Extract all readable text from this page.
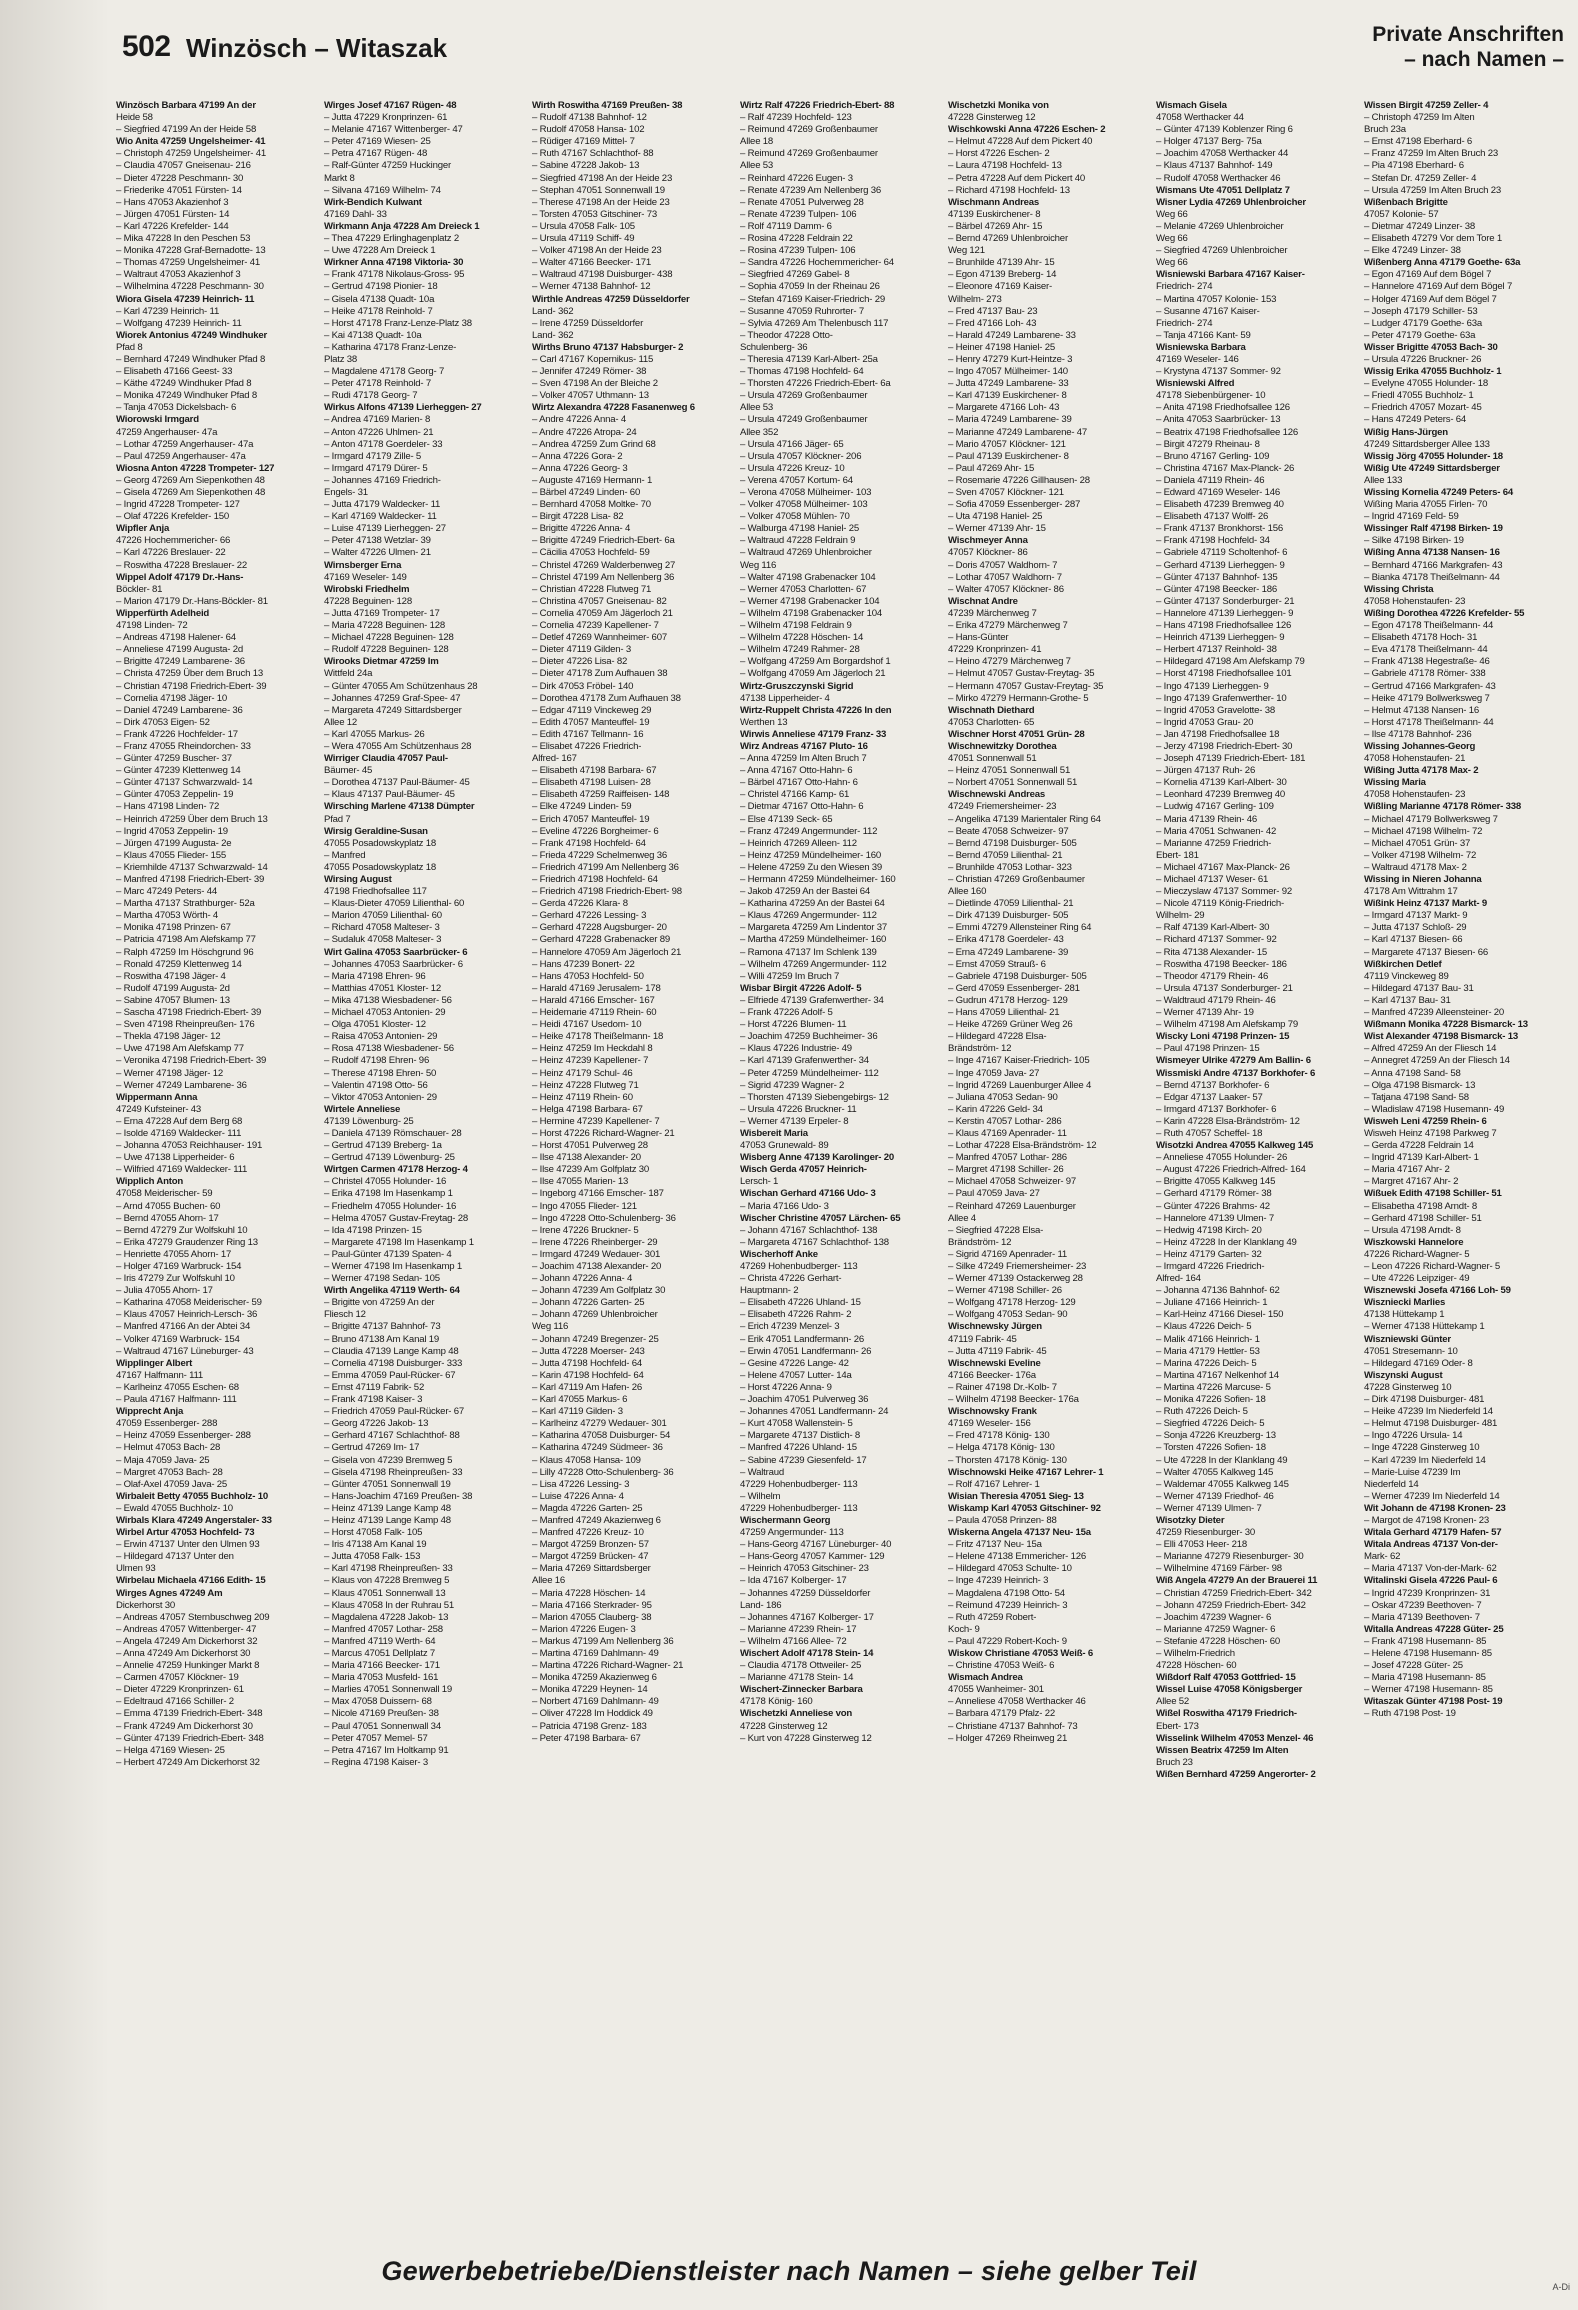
502 Winzösch – Witaszak	Private Anschriften
– nach Namen –
Winzösch Barbara 47199 An der
Heide 58
– Siegfried 47199 An der Heide 58
Wio Anita 47259 Ungelsheimer- 41
– Christoph 47259 Ungelsheimer- 41
– Claudia 47057 Gneisenau- 216
– Dieter 47228 Peschmann- 30
– Friederike 47051 Fürsten- 14
– Hans 47053 Akazienhof 3
– Jürgen 47051 Fürsten- 14
– Karl 47226 Krefelder- 144
– Mika 47228 In den Peschen 53
– Monika 47228 Graf-Bernadotte- 13
– Thomas 47259 Ungelsheimer- 41
– Waltraut 47053 Akazienhof 3
– Wilhelmina 47228 Peschmann- 30
Wiora Gisela 47239 Heinrich- 11
– Karl 47239 Heinrich- 11
– Wolfgang 47239 Heinrich- 11
Wiorek Antonius 47249 Windhuker
Pfad 8
– Bernhard 47249 Windhuker Pfad 8
– Elisabeth 47166 Geest- 33
– Käthe 47249 Windhuker Pfad 8
– Monika 47249 Windhuker Pfad 8
– Tanja 47053 Dickelsbach- 6
Wiorowski Irmgard
47259 Angerhauser- 47a
– Lothar 47259 Angerhauser- 47a
– Paul 47259 Angerhauser- 47a
Wiosna Anton 47228 Trompeter- 127
– Georg 47269 Am Siepenkothen 48
– Gisela 47269 Am Siepenkothen 48
– Ingrid 47228 Trompeter- 127
– Olaf 47226 Krefelder- 150
Wipfler Anja
47226 Hochemmericher- 66
– Karl 47226 Breslauer- 22
– Roswitha 47228 Breslauer- 22
Wippel Adolf 47179 Dr.-Hans-
Böckler- 81
– Marion 47179 Dr.-Hans-Böckler- 81
Wipperfürth Adelheid
47198 Linden- 72
– Andreas 47198 Halener- 64
– Anneliese 47199 Augusta- 2d
– Brigitte 47249 Lambarene- 36
– Christa 47259 Über dem Bruch 13
– Christian 47198 Friedrich-Ebert- 39
– Cornelia 47198 Jäger- 10
– Daniel 47249 Lambarene- 36
– Dirk 47053 Eigen- 52
– Frank 47226 Hochfelder- 17
– Franz 47055 Rheindorchen- 33
– Günter 47259 Buscher- 37
– Günter 47239 Klettenweg 14
– Günter 47137 Schwarzwald- 14
– Günter 47053 Zeppelin- 19
– Hans 47198 Linden- 72
– Heinrich 47259 Über dem Bruch 13
– Ingrid 47053 Zeppelin- 19
– Jürgen 47199 Augusta- 2e
– Klaus 47055 Flieder- 155
– Kriemhilde 47137 Schwarzwald- 14
– Manfred 47198 Friedrich-Ebert- 39
– Marc 47249 Peters- 44
– Martha 47137 Strathburger- 52a
– Martha 47053 Wörth- 4
– Monika 47198 Prinzen- 67
– Patricia 47198 Am Alefskamp 77
– Ralph 47259 Im Höschgrund 96
– Ronald 47259 Klettenweg 14
– Roswitha 47198 Jäger- 4
– Rudolf 47199 Augusta- 2d
– Sabine 47057 Blumen- 13
– Sascha 47198 Friedrich-Ebert- 39
– Sven 47198 Rheinpreußen- 176
– Thekla 47198 Jäger- 12
– Uwe 47198 Am Alefskamp 77
– Veronika 47198 Friedrich-Ebert- 39
– Werner 47198 Jäger- 12
– Werner 47249 Lambarene- 36
Wippermann Anna
47249 Kufsteiner- 43
– Erna 47228 Auf dem Berg 68
– Isolde 47169 Waldecker- 111
– Johanna 47053 Reichhauser- 191
– Uwe 47138 Lipperheider- 6
– Wilfried 47169 Waldecker- 111
Wipplich Anton
47058 Meiderischer- 59
– Arnd 47055 Buchen- 60
– Bernd 47055 Ahorn- 17
– Bernd 47279 Zur Wolfskuhl 10
– Erika 47279 Graudenzer Ring 13
– Henriette 47055 Ahorn- 17
– Holger 47169 Warbruck- 154
– Iris 47279 Zur Wolfskuhl 10
– Julia 47055 Ahorn- 17
– Katharina 47058 Meiderischer- 59
– Klaus 47057 Heinrich-Lersch- 36
– Manfred 47166 An der Abtei 34
– Volker 47169 Warbruck- 154
– Waltraud 47167 Lüneburger- 43
Wipplinger Albert
47167 Halfmann- 111
– Karlheinz 47055 Eschen- 68
– Paula 47167 Halfmann- 111
Wipprecht Anja
47059 Essenberger- 288
– Heinz 47059 Essenberger- 288
– Helmut 47053 Bach- 28
– Maja 47059 Java- 25
– Margret 47053 Bach- 28
– Olaf-Axel 47059 Java- 25
Wirbaleit Betty 47055 Buchholz- 10
– Ewald 47055 Buchholz- 10
Wirbals Klara 47249 Angerstaler- 33
Wirbel Artur 47053 Hochfeld- 73
– Erwin 47137 Unter den Ulmen 93
– Hildegard 47137 Unter den
Ulmen 93
Wirbelau Michaela 47166 Edith- 15
Wirges Agnes 47249 Am
Dickerhorst 30
– Andreas 47057 Sternbuschweg 209
– Andreas 47057 Wittenberger- 47
– Angela 47249 Am Dickerhorst 32
– Anna 47249 Am Dickerhorst 30
– Annelie 47259 Hunkinger Markt 8
– Carmen 47057 Klöckner- 19
– Dieter 47229 Kronprinzen- 61
– Edeltraud 47166 Schiller- 2
– Emma 47139 Friedrich-Ebert- 348
– Frank 47249 Am Dickerhorst 30
– Günter 47139 Friedrich-Ebert- 348
– Helga 47169 Wiesen- 25
– Herbert 47249 Am Dickerhorst 32
Wirges Josef 47167 Rügen- 48
– Jutta 47229 Kronprinzen- 61
– Melanie 47167 Wittenberger- 47
– Peter 47169 Wiesen- 25
– Petra 47167 Rügen- 48
– Ralf-Günter 47259 Huckinger
Markt 8
– Silvana 47169 Wilhelm- 74
Wirk-Bendich Kulwant
47169 Dahl- 33
Wirkmann Anja 47228 Am Dreieck 1
– Thea 47229 Erlinghagenplatz 2
– Uwe 47228 Am Dreieck 1
Wirkner Anna 47198 Viktoria- 30
– Frank 47178 Nikolaus-Gross- 95
– Gertrud 47198 Pionier- 18
– Gisela 47138 Quadt- 10a
– Heike 47178 Reinhold- 7
– Horst 47178 Franz-Lenze-Platz 38
– Kai 47138 Quadt- 10a
– Katharina 47178 Franz-Lenze-
Platz 38
– Magdalene 47178 Georg- 7
– Peter 47178 Reinhold- 7
– Rudi 47178 Georg- 7
Wirkus Alfons 47139 Lierheggen- 27
– Andrea 47169 Marien- 8
– Anton 47226 Uhlmen- 21
– Anton 47178 Goerdeler- 33
– Irmgard 47179 Zille- 5
– Irmgard 47179 Dürer- 5
– Johannes 47169 Friedrich-
Engels- 31
– Jutta 47179 Waldecker- 11
– Karl 47169 Waldecker- 11
– Luise 47139 Lierheggen- 27
– Peter 47138 Wetzlar- 39
– Walter 47226 Ulmen- 21
Wirnsberger Erna
47169 Weseler- 149
Wirobski Friedhelm
47228 Beguinen- 128
– Jutta 47169 Trompeter- 17
– Maria 47228 Beguinen- 128
– Michael 47228 Beguinen- 128
– Rudolf 47228 Beguinen- 128
Wirooks Dietmar 47259 Im
Wittfeld 24a
– Günter 47055 Am Schützenhaus 28
– Johannes 47259 Graf-Spee- 47
– Margareta 47249 Sittardsberger
Allee 12
– Karl 47055 Markus- 26
– Wera 47055 Am Schützenhaus 28
Wirriger Claudia 47057 Paul-
Bäumer- 45
– Dorothea 47137 Paul-Bäumer- 45
– Klaus 47137 Paul-Bäumer- 45
Wirsching Marlene 47138 Dümpter
Pfad 7
Wirsig Geraldine-Susan
47055 Posadowskyplatz 18
– Manfred
47055 Posadowskyplatz 18
Wirsing August
47198 Friedhofsallee 117
– Klaus-Dieter 47059 Lilienthal- 60
– Marion 47059 Lilienthal- 60
– Richard 47058 Malteser- 3
– Sudaluk 47058 Malteser- 3
Wirt Galina 47053 Saarbrücker- 6
– Johannes 47053 Saarbrücker- 6
– Maria 47198 Ehren- 96
– Matthias 47051 Kloster- 12
– Mika 47138 Wiesbadener- 56
– Michael 47053 Antonien- 29
– Olga 47051 Kloster- 12
– Raisa 47053 Antonien- 29
– Rosa 47138 Wiesbadener- 56
– Rudolf 47198 Ehren- 96
– Therese 47198 Ehren- 50
– Valentin 47198 Otto- 56
– Viktor 47053 Antonien- 29
Wirtele Anneliese
47139 Löwenburg- 25
– Daniela 47139 Römschauer- 28
– Gertrud 47139 Breberg- 1a
– Gertrud 47139 Löwenburg- 25
Wirtgen Carmen 47178 Herzog- 4
– Christel 47055 Holunder- 16
– Erika 47198 Im Hasenkamp 1
– Friedhelm 47055 Holunder- 16
– Helma 47057 Gustav-Freytag- 28
– Ida 47198 Prinzen- 15
– Margarete 47198 Im Hasenkamp 1
– Paul-Günter 47139 Spaten- 4
– Werner 47198 Im Hasenkamp 1
– Werner 47198 Sedan- 105
Wirth Angelika 47119 Werth- 64
– Brigitte von 47259 An der
Fliesch 12
– Brigitte 47137 Bahnhof- 73
– Bruno 47138 Am Kanal 19
– Claudia 47139 Lange Kamp 48
– Cornelia 47198 Duisburger- 333
– Emma 47059 Paul-Rücker- 67
– Ernst 47119 Fabrik- 52
– Frank 47198 Kaiser- 3
– Friedrich 47059 Paul-Rücker- 67
– Georg 47226 Jakob- 13
– Gerhard 47167 Schlachthof- 88
– Gertrud 47269 Im- 17
– Gisela von 47239 Bremweg 5
– Gisela 47198 Rheinpreußen- 33
– Günter 47051 Sonnenwall 19
– Hans-Joachim 47169 Preußen- 38
– Heinz 47139 Lange Kamp 48
– Heinz 47139 Lange Kamp 48
– Horst 47058 Falk- 105
– Iris 47138 Am Kanal 19
– Jutta 47058 Falk- 153
– Karl 47198 Rheinpreußen- 33
– Klaus von 47228 Bremweg 5
– Klaus 47051 Sonnenwall 13
– Klaus 47058 In der Ruhrau 51
– Magdalena 47228 Jakob- 13
– Manfred 47057 Lothar- 258
– Manfred 47119 Werth- 64
– Marcus 47051 Dellplatz 7
– Maria 47166 Beecker- 171
– Maria 47053 Musfeld- 161
– Marlies 47051 Sonnenwall 19
– Max 47058 Duissern- 68
– Nicole 47169 Preußen- 38
– Paul 47051 Sonnenwall 34
– Peter 47057 Memel- 57
– Petra 47167 Im Holtkamp 91
– Regina 47198 Kaiser- 3
Wirth Roswitha 47169 Preußen- 38
– Rudolf 47138 Bahnhof- 12
– Rudolf 47058 Hansa- 102
– Rüdiger 47169 Mittel- 7
– Ruth 47167 Schlachthof- 88
– Sabine 47228 Jakob- 13
– Siegfried 47198 An der Heide 23
– Stephan 47051 Sonnenwall 19
– Therese 47198 An der Heide 23
– Torsten 47053 Gitschiner- 73
– Ursula 47058 Falk- 105
– Ursula 47119 Schiff- 49
– Volker 47198 An der Heide 23
– Walter 47166 Beecker- 171
– Waltraud 47198 Duisburger- 438
– Werner 47138 Bahnhof- 12
Wirthle Andreas 47259 Düsseldorfer
Land- 362
– Irene 47259 Düsseldorfer
Land- 362
Wirths Bruno 47137 Habsburger- 2
– Carl 47167 Kopernikus- 115
– Jennifer 47249 Römer- 38
– Sven 47198 An der Bleiche 2
– Volker 47057 Uthmann- 13
Wirtz Alexandra 47228 Fasanenweg 6
– Andre 47226 Anna- 4
– Andre 47226 Atropa- 24
– Andrea 47259 Zum Grind 68
– Anna 47226 Gora- 2
– Anna 47226 Georg- 3
– Auguste 47169 Hermann- 1
– Bärbel 47249 Linden- 60
– Bernhard 47058 Moltke- 70
– Birgit 47228 Lisa- 82
– Brigitte 47226 Anna- 4
– Brigitte 47249 Friedrich-Ebert- 6a
– Cäcilia 47053 Hochfeld- 59
– Christel 47269 Walderbenweg 27
– Christel 47199 Am Nellenberg 36
– Christian 47228 Flutweg 71
– Christina 47057 Gneisenau- 82
– Cornelia 47059 Am Jägerloch 21
– Cornelia 47239 Kapellener- 7
– Detlef 47269 Wannheimer- 607
– Dieter 47119 Gilden- 3
– Dieter 47226 Lisa- 82
– Dieter 47178 Zum Aufhauen 38
– Dirk 47053 Fröbel- 140
– Dorothea 47178 Zum Aufhauen 38
– Edgar 47119 Vinckeweg 29
– Edith 47057 Manteuffel- 19
– Edith 47167 Tellmann- 16
– Elisabet 47226 Friedrich-
Alfred- 167
– Elisabeth 47198 Barbara- 67
– Elisabeth 47198 Luisen- 28
– Elisabeth 47259 Raiffeisen- 148
– Elke 47249 Linden- 59
– Erich 47057 Manteuffel- 19
– Eveline 47226 Borgheimer- 6
– Frank 47198 Hochfeld- 64
– Frieda 47229 Schelmenweg 36
– Friedrich 47199 Am Nellenberg 36
– Friedrich 47198 Hochfeld- 64
– Friedrich 47198 Friedrich-Ebert- 98
– Gerda 47226 Klara- 8
– Gerhard 47226 Lessing- 3
– Gerhard 47228 Augsburger- 20
– Gerhard 47228 Grabenacker 89
– Hannelore 47059 Am Jägerloch 21
– Hans 47239 Bonert- 22
– Hans 47053 Hochfeld- 50
– Harald 47169 Jerusalem- 178
– Harald 47166 Emscher- 167
– Heidemarie 47119 Rhein- 60
– Heidi 47167 Usedom- 10
– Heike 47178 Theißelmann- 18
– Heinz 47259 Im Heckdahl 8
– Heinz 47239 Kapellener- 7
– Heinz 47179 Schul- 46
– Heinz 47228 Flutweg 71
– Heinz 47119 Rhein- 60
– Helga 47198 Barbara- 67
– Hermine 47239 Kapellener- 7
– Horst 47226 Richard-Wagner- 21
– Horst 47051 Pulverweg 28
– Ilse 47138 Alexander- 20
– Ilse 47239 Am Golfplatz 30
– Ilse 47055 Marien- 13
– Ingeborg 47166 Emscher- 187
– Ingo 47055 Flieder- 121
– Ingo 47228 Otto-Schulenberg- 36
– Irene 47226 Bruckner- 5
– Irene 47226 Rheinberger- 29
– Irmgard 47249 Wedauer- 301
– Joachim 47138 Alexander- 20
– Johann 47226 Anna- 4
– Johann 47239 Am Golfplatz 30
– Johann 47226 Garten- 25
– Johann 47269 Uhlenbroicher
Weg 116
– Johann 47249 Bregenzer- 25
– Jutta 47228 Moerser- 243
– Jutta 47198 Hochfeld- 64
– Karin 47198 Hochfeld- 64
– Karl 47119 Am Hafen- 26
– Karl 47055 Markus- 6
– Karl 47119 Gilden- 3
– Karlheinz 47279 Wedauer- 301
– Katharina 47058 Duisburger- 54
– Katharina 47249 Südmeer- 36
– Klaus 47058 Hansa- 109
– Lilly 47228 Otto-Schulenberg- 36
– Lisa 47226 Lessing- 3
– Luise 47226 Anna- 4
– Magda 47226 Garten- 25
– Manfred 47249 Akazienweg 6
– Manfred 47226 Kreuz- 10
– Margot 47259 Bronzen- 57
– Margot 47259 Brücken- 47
– Maria 47269 Sittardsberger
Allee 16
– Maria 47228 Höschen- 14
– Maria 47166 Sterkrader- 95
– Marion 47055 Clauberg- 38
– Marion 47226 Eugen- 3
– Markus 47199 Am Nellenberg 36
– Martina 47169 Dahlmann- 49
– Martina 47226 Richard-Wagner- 21
– Monika 47259 Akazienweg 6
– Monika 47229 Heynen- 14
– Norbert 47169 Dahlmann- 49
– Oliver 47228 Im Hoddick 49
– Patricia 47198 Grenz- 183
– Peter 47198 Barbara- 67
Wirtz Ralf 47226 Friedrich-Ebert- 88
– Ralf 47239 Hochfeld- 123
– Reimund 47269 Großenbaumer
Allee 18
– Reimund 47269 Großenbaumer
Allee 53
– Reinhard 47226 Eugen- 3
– Renate 47239 Am Nellenberg 36
– Renate 47051 Pulverweg 28
– Renate 47239 Tulpen- 106
– Rolf 47119 Damm- 6
– Rosina 47228 Feldrain 22
– Rosina 47239 Tulpen- 106
– Sandra 47226 Hochemmericher- 64
– Siegfried 47269 Gabel- 8
– Sophia 47059 In der Rheinau 26
– Stefan 47169 Kaiser-Friedrich- 29
– Susanne 47059 Ruhrorter- 7
– Sylvia 47269 Am Thelenbusch 117
– Theodor 47228 Otto-
Schulenberg- 36
– Theresia 47139 Karl-Albert- 25a
– Thomas 47198 Hochfeld- 64
– Thorsten 47226 Friedrich-Ebert- 6a
– Ursula 47269 Großenbaumer
Allee 53
– Ursula 47249 Großenbaumer
Allee 352
– Ursula 47166 Jäger- 65
– Ursula 47057 Klöckner- 206
– Ursula 47226 Kreuz- 10
– Verena 47057 Kortum- 64
– Verona 47058 Mülheimer- 103
– Volker 47058 Mülheimer- 103
– Volker 47058 Mühlen- 70
– Walburga 47198 Haniel- 25
– Waltraud 47228 Feldrain 9
– Waltraud 47269 Uhlenbroicher
Weg 116
– Walter 47198 Grabenacker 104
– Werner 47053 Charlotten- 67
– Werner 47198 Grabenacker 104
– Wilhelm 47198 Grabenacker 104
– Wilhelm 47198 Feldrain 9
– Wilhelm 47228 Höschen- 14
– Wilhelm 47249 Rahmer- 28
– Wolfgang 47259 Am Borgardshof 1
– Wolfgang 47059 Am Jägerloch 21
Wirtz-Gruszczynski Sigrid
47138 Lipperheider- 4
Wirtz-Ruppelt Christa 47226 In den
Werthen 13
Wirwis Anneliese 47179 Franz- 33
Wirz Andreas 47167 Pluto- 16
– Anna 47259 Im Alten Bruch 7
– Anna 47167 Otto-Hahn- 6
– Bärbel 47167 Otto-Hahn- 6
– Christel 47166 Kamp- 61
– Dietmar 47167 Otto-Hahn- 6
– Else 47139 Seck- 65
– Franz 47249 Angermunder- 112
– Heinrich 47269 Alleen- 112
– Heinz 47259 Mündelheimer- 160
– Helene 47259 Zu den Wiesen 39
– Hermann 47259 Mündelheimer- 160
– Jakob 47259 An der Bastei 64
– Katharina 47259 An der Bastei 64
– Klaus 47269 Angermunder- 112
– Margareta 47259 Am Lindentor 37
– Martha 47259 Mündelheimer- 160
– Ramona 47137 Im Schlenk 139
– Wilhelm 47269 Angermunder- 112
– Willi 47259 Im Bruch 7
Wisbar Birgit 47226 Adolf- 5
– Elfriede 47139 Grafenwerther- 34
– Frank 47226 Adolf- 5
– Horst 47226 Blumen- 11
– Joachim 47259 Buchheimer- 36
– Klaus 47226 Industrie- 49
– Karl 47139 Grafenwerther- 34
– Peter 47259 Mündelheimer- 112
– Sigrid 47239 Wagner- 2
– Thorsten 47139 Siebengebirgs- 12
– Ursula 47226 Bruckner- 11
– Werner 47139 Erpeler- 8
Wisbereit Maria
47053 Grunewald- 89
Wisberg Anne 47139 Karolinger- 20
Wisch Gerda 47057 Heinrich-
Lersch- 1
Wischan Gerhard 47166 Udo- 3
– Maria 47166 Udo- 3
Wischer Christine 47057 Lärchen- 65
– Johann 47167 Schlachthof- 138
– Margareta 47167 Schlachthof- 138
Wischerhoff Anke
47269 Hohenbudberger- 113
– Christa 47226 Gerhart-
Hauptmann- 2
– Elisabeth 47226 Uhland- 15
– Elisabeth 47226 Rahm- 2
– Erich 47239 Menzel- 3
– Erik 47051 Landfermann- 26
– Erwin 47051 Landfermann- 26
– Gesine 47226 Lange- 42
– Helene 47057 Lutter- 14a
– Horst 47226 Anna- 9
– Joachim 47051 Pulverweg 36
– Johannes 47051 Landfermann- 24
– Kurt 47058 Wallenstein- 5
– Margarete 47137 Distlich- 8
– Manfred 47226 Uhland- 15
– Sabine 47239 Giesenfeld- 17
– Waltraud
47229 Hohenbudberger- 113
– Wilhelm
47229 Hohenbudberger- 113
Wischermann Georg
47259 Angermunder- 113
– Hans-Georg 47167 Lüneburger- 40
– Hans-Georg 47057 Kammer- 129
– Heinrich 47053 Gitschiner- 23
– Ida 47167 Kolberger- 17
– Johannes 47259 Düsseldorfer
Land- 186
– Johannes 47167 Kolberger- 17
– Marianne 47239 Rhein- 17
– Wilhelm 47166 Allee- 72
Wischert Adolf 47178 Stein- 14
– Claudia 47178 Ottweiler- 25
– Marianne 47178 Stein- 14
Wischert-Zinnecker Barbara
47178 König- 160
Wischetzki Anneliese von
47228 Ginsterweg 12
– Kurt von 47228 Ginsterweg 12
Wischetzki Monika von
47228 Ginsterweg 12
Wischkowski Anna 47226 Eschen- 2
– Helmut 47228 Auf dem Pickert 40
– Horst 47226 Eschen- 2
– Laura 47198 Hochfeld- 13
– Petra 47228 Auf dem Pickert 40
– Richard 47198 Hochfeld- 13
Wischmann Andreas
47139 Euskirchener- 8
– Bärbel 47269 Ahr- 15
– Bernd 47269 Uhlenbroicher
Weg 121
– Brunhilde 47139 Ahr- 15
– Egon 47139 Breberg- 14
– Eleonore 47169 Kaiser-
Wilhelm- 273
– Fred 47137 Bau- 23
– Fred 47166 Loh- 43
– Harald 47249 Lambarene- 33
– Heiner 47198 Haniel- 25
– Henry 47279 Kurt-Heintze- 3
– Ingo 47057 Mülheimer- 140
– Jutta 47249 Lambarene- 33
– Karl 47139 Euskirchener- 8
– Margarete 47166 Loh- 43
– Maria 47249 Lambarene- 39
– Marianne 47249 Lambarene- 47
– Mario 47057 Klöckner- 121
– Paul 47139 Euskirchener- 8
– Paul 47269 Ahr- 15
– Rosemarie 47226 Gillhausen- 28
– Sven 47057 Klöckner- 121
– Sofia 47059 Essenberger- 287
– Uta 47198 Haniel- 25
– Werner 47139 Ahr- 15
Wischmeyer Anna
47057 Klöckner- 86
– Doris 47057 Waldhorn- 7
– Lothar 47057 Waldhorn- 7
– Walter 47057 Klöckner- 86
Wischnat Andre
47239 Märchenweg 7
– Erika 47279 Märchenweg 7
– Hans-Günter
47229 Kronprinzen- 41
– Heino 47279 Märchenweg 7
– Helmut 47057 Gustav-Freytag- 35
– Hermann 47057 Gustav-Freytag- 35
– Mirko 47279 Hermann-Grothe- 5
Wischnath Diethard
47053 Charlotten- 65
Wischner Horst 47051 Grün- 28
Wischnewitzky Dorothea
47051 Sonnenwall 51
– Heinz 47051 Sonnenwall 51
– Norbert 47051 Sonnenwall 51
Wischnewski Andreas
47249 Friemersheimer- 23
– Angelika 47139 Marientaler Ring 64
– Beate 47058 Schweizer- 97
– Bernd 47198 Duisburger- 505
– Bernd 47059 Lilienthal- 21
– Brunhilde 47053 Lothar- 323
– Christian 47269 Großenbaumer
Allee 160
– Dietlinde 47059 Lilienthal- 21
– Dirk 47139 Duisburger- 505
– Emmi 47279 Allensteiner Ring 64
– Erika 47178 Goerdeler- 43
– Erna 47249 Lambarene- 39
– Ernst 47059 Strauß- 6
– Gabriele 47198 Duisburger- 505
– Gerd 47059 Essenberger- 281
– Gudrun 47178 Herzog- 129
– Hans 47059 Lilienthal- 21
– Heike 47269 Grüner Weg 26
– Hildegard 47228 Elsa-
Brändström- 12
– Inge 47167 Kaiser-Friedrich- 105
– Inge 47059 Java- 27
– Ingrid 47269 Lauenburger Allee 4
– Juliana 47053 Sedan- 90
– Karin 47226 Geld- 34
– Kerstin 47057 Lothar- 286
– Klaus 47169 Apenrader- 11
– Lothar 47228 Elsa-Brändström- 12
– Manfred 47057 Lothar- 286
– Margret 47198 Schiller- 26
– Michael 47058 Schweizer- 97
– Paul 47059 Java- 27
– Reinhard 47269 Lauenburger
Allee 4
– Siegfried 47228 Elsa-
Brändström- 12
– Sigrid 47169 Apenrader- 11
– Silke 47249 Friemersheimer- 23
– Werner 47139 Ostackerweg 28
– Werner 47198 Schiller- 26
– Wolfgang 47178 Herzog- 129
– Wolfgang 47053 Sedan- 90
Wischnewsky Jürgen
47119 Fabrik- 45
– Jutta 47119 Fabrik- 45
Wischnewski Eveline
47166 Beecker- 176a
– Rainer 47198 Dr.-Kolb- 7
– Wilhelm 47198 Beecker- 176a
Wischnowsky Frank
47169 Weseler- 156
– Fred 47178 König- 130
– Helga 47178 König- 130
– Thorsten 47178 König- 130
Wischnowski Heike 47167 Lehrer- 1
– Rolf 47167 Lehrer- 1
Wisian Theresia 47051 Sieg- 13
Wiskamp Karl 47053 Gitschiner- 92
– Paula 47058 Prinzen- 88
Wiskerna Angela 47137 Neu- 15a
– Fritz 47137 Neu- 15a
– Helene 47138 Emmericher- 126
– Hildegard 47053 Schulte- 10
– Inge 47239 Heinrich- 3
– Magdalena 47198 Otto- 54
– Reimund 47239 Heinrich- 3
– Ruth 47259 Robert-
Koch- 9
– Paul 47229 Robert-Koch- 9
Wiskow Christiane 47053 Weiß- 6
– Christine 47053 Weiß- 6
Wismach Andrea
47055 Wanheimer- 301
– Anneliese 47058 Werthacker 46
– Barbara 47179 Pfalz- 22
– Christiane 47137 Bahnhof- 73
– Holger 47269 Rheinweg 21
Wismach Gisela
47058 Werthacker 44
– Günter 47139 Koblenzer Ring 6
– Holger 47137 Berg- 75a
– Joachim 47058 Werthacker 44
– Klaus 47137 Bahnhof- 149
– Rudolf 47058 Werthacker 46
Wismans Ute 47051 Dellplatz 7
Wisner Lydia 47269 Uhlenbroicher
Weg 66
– Melanie 47269 Uhlenbroicher
Weg 66
– Siegfried 47269 Uhlenbroicher
Weg 66
Wisniewski Barbara 47167 Kaiser-
Friedrich- 274
– Martina 47057 Kolonie- 153
– Susanne 47167 Kaiser-
Friedrich- 274
– Tanja 47166 Kant- 59
Wisniewska Barbara
47169 Weseler- 146
– Krystyna 47137 Sommer- 92
Wisniewski Alfred
47178 Siebenbürgener- 10
– Anita 47198 Friedhofsallee 126
– Anita 47053 Saarbrücker- 13
– Beatrix 47198 Friedhofsallee 126
– Birgit 47279 Rheinau- 8
– Bruno 47167 Gerling- 109
– Christina 47167 Max-Planck- 26
– Daniela 47119 Rhein- 46
– Edward 47169 Weseler- 146
– Elisabeth 47239 Bremweg 40
– Elisabeth 47137 Wolff- 26
– Frank 47137 Bronkhorst- 156
– Frank 47198 Hochfeld- 34
– Gabriele 47119 Scholtenhof- 6
– Gerhard 47139 Lierheggen- 9
– Günter 47137 Bahnhof- 135
– Günter 47198 Beecker- 186
– Günter 47137 Sonderburger- 21
– Hannelore 47139 Lierheggen- 9
– Hans 47198 Friedhofsallee 126
– Heinrich 47139 Lierheggen- 9
– Herbert 47137 Reinhold- 38
– Hildegard 47198 Am Alefskamp 79
– Horst 47198 Friedhofsallee 101
– Ingo 47139 Lierheggen- 9
– Ingo 47139 Grafenwerther- 10
– Ingrid 47053 Gravelotte- 38
– Ingrid 47053 Grau- 20
– Jan 47198 Friedhofsallee 18
– Jerzy 47198 Friedrich-Ebert- 30
– Joseph 47139 Friedrich-Ebert- 181
– Jürgen 47137 Ruh- 26
– Kornelia 47139 Karl-Albert- 30
– Leonhard 47239 Bremweg 40
– Ludwig 47167 Gerling- 109
– Maria 47139 Rhein- 46
– Maria 47051 Schwanen- 42
– Marianne 47259 Friedrich-
Ebert- 181
– Michael 47167 Max-Planck- 26
– Michael 47137 Weser- 61
– Mieczyslaw 47137 Sommer- 92
– Nicole 47119 König-Friedrich-
Wilhelm- 29
– Ralf 47139 Karl-Albert- 30
– Richard 47137 Sommer- 92
– Rita 47138 Alexander- 15
– Roswitha 47198 Beecker- 186
– Theodor 47179 Rhein- 46
– Ursula 47137 Sonderburger- 21
– Waldtraud 47179 Rhein- 46
– Werner 47139 Ahr- 19
– Wilhelm 47198 Am Alefskamp 79
Wiscky Loni 47198 Prinzen- 15
– Paul 47198 Prinzen- 15
Wismeyer Ulrike 47279 Am Ballin- 6
Wissmiski Andre 47137 Borkhofer- 6
– Bernd 47137 Borkhofer- 6
– Edgar 47137 Laaker- 57
– Irmgard 47137 Borkhofer- 6
– Karin 47228 Elsa-Brändström- 12
– Ruth 47057 Scheffel- 18
Wisotzki Andrea 47055 Kalkweg 145
– Anneliese 47055 Holunder- 26
– August 47226 Friedrich-Alfred- 164
– Brigitte 47055 Kalkweg 145
– Gerhard 47179 Römer- 38
– Günter 47226 Brahms- 42
– Hannelore 47139 Ulmen- 7
– Hedwig 47198 Kirch- 20
– Heinz 47228 In der Klanklang 49
– Heinz 47179 Garten- 32
– Irmgard 47226 Friedrich-
Alfred- 164
– Johanna 47136 Bahnhof- 62
– Juliane 47166 Heinrich- 1
– Karl-Heinz 47166 Diesel- 150
– Klaus 47226 Deich- 5
– Malik 47166 Heinrich- 1
– Maria 47179 Hettler- 53
– Marina 47226 Deich- 5
– Martina 47167 Nelkenhof 14
– Martina 47226 Marcuse- 5
– Monika 47226 Sofien- 18
– Ruth 47226 Deich- 5
– Siegfried 47226 Deich- 5
– Sonja 47226 Kreuzberg- 13
– Torsten 47226 Sofien- 18
– Ute 47228 In der Klanklang 49
– Walter 47055 Kalkweg 145
– Waldemar 47055 Kalkweg 145
– Werner 47139 Friedhof- 46
– Werner 47139 Ulmen- 7
Wisotzky Dieter
47259 Riesenburger- 30
– Elli 47053 Heer- 218
– Marianne 47279 Riesenburger- 30
– Wilhelmine 47169 Färber- 98
Wiß Angela 47279 An der Brauerei 11
– Christian 47259 Friedrich-Ebert- 342
– Johann 47259 Friedrich-Ebert- 342
– Joachim 47239 Wagner- 6
– Marianne 47259 Wagner- 6
– Stefanie 47228 Höschen- 60
– Wilhelm-Friedrich
47228 Höschen- 60
Wißdorf Ralf 47053 Gottfried- 15
Wissel Luise 47058 Königsberger
Allee 52
Wißel Roswitha 47179 Friedrich-
Ebert- 173
Wisselink Wilhelm 47053 Menzel- 46
Wissen Beatrix 47259 Im Alten
Bruch 23
Wißen Bernhard 47259 Angerorter- 2
Wissen Birgit 47259 Zeller- 4
– Christoph 47259 Im Alten
Bruch 23a
– Ernst 47198 Eberhard- 6
– Franz 47259 Im Alten Bruch 23
– Pia 47198 Eberhard- 6
– Stefan Dr. 47259 Zeller- 4
– Ursula 47259 Im Alten Bruch 23
Wißenbach Brigitte
47057 Kolonie- 57
– Dietmar 47249 Linzer- 38
– Elisabeth 47279 Vor dem Tore 1
– Elke 47249 Linzer- 38
Wißenberg Anna 47179 Goethe- 63a
– Egon 47169 Auf dem Bögel 7
– Hannelore 47169 Auf dem Bögel 7
– Holger 47169 Auf dem Bögel 7
– Joseph 47179 Schiller- 53
– Ludger 47179 Goethe- 63a
– Peter 47179 Goethe- 63a
Wisser Brigitte 47053 Bach- 30
– Ursula 47226 Bruckner- 26
Wissig Erika 47055 Buchholz- 1
– Evelyne 47055 Holunder- 18
– Friedl 47055 Buchholz- 1
– Friedrich 47057 Mozart- 45
– Hans 47249 Peters- 64
Wißig Hans-Jürgen
47249 Sittardsberger Allee 133
Wissig Jörg 47055 Holunder- 18
Wißig Ute 47249 Sittardsberger
Allee 133
Wissing Kornelia 47249 Peters- 64
Wißing Maria 47055 Firlen- 70
– Ingrid 47169 Feld- 59
Wissinger Ralf 47198 Birken- 19
– Silke 47198 Birken- 19
Wißing Anna 47138 Nansen- 16
– Bernhard 47166 Markgrafen- 43
– Bianka 47178 Theißelmann- 44
Wissing Christa
47058 Hohenstaufen- 23
Wißing Dorothea 47226 Krefelder- 55
– Egon 47178 Theißelmann- 44
– Elisabeth 47178 Hoch- 31
– Eva 47178 Theißelmann- 44
– Frank 47138 Hegestraße- 46
– Gabriele 47178 Römer- 338
– Gertrud 47166 Markgrafen- 43
– Heike 47179 Bollwerksweg 7
– Helmut 47138 Nansen- 16
– Horst 47178 Theißelmann- 44
– Ilse 47178 Bahnhof- 236
Wissing Johannes-Georg
47058 Hohenstaufen- 21
Wißing Jutta 47178 Max- 2
Wissing Maria
47058 Hohenstaufen- 23
Wißling Marianne 47178 Römer- 338
– Michael 47179 Bollwerksweg 7
– Michael 47198 Wilhelm- 72
– Michael 47051 Grün- 37
– Volker 47198 Wilhelm- 72
– Waltraud 47178 Max- 2
Wissing in Nieren Johanna
47178 Am Wittrahm 17
Wißink Heinz 47137 Markt- 9
– Irmgard 47137 Markt- 9
– Jutta 47137 Schloß- 29
– Karl 47137 Biesen- 66
– Margarete 47137 Biesen- 66
Wißkirchen Detlef
47119 Vinckeweg 89
– Hildegard 47137 Bau- 31
– Karl 47137 Bau- 31
– Manfred 47239 Alleensteiner- 20
Wißmann Monika 47228 Bismarck- 13
Wist Alexander 47198 Bismarck- 13
– Alfred 47259 An der Fliesch 14
– Annegret 47259 An der Fliesch 14
– Anna 47198 Sand- 58
– Olga 47198 Bismarck- 13
– Tatjana 47198 Sand- 58
– Wladislaw 47198 Husemann- 49
Wisweh Leni 47259 Rhein- 6
Wisweh Heinz 47198 Parkweg 7
– Gerda 47228 Feldrain 14
– Ingrid 47139 Karl-Albert- 1
– Maria 47167 Ahr- 2
– Margret 47167 Ahr- 2
Wißuek Edith 47198 Schiller- 51
– Elisabetha 47198 Arndt- 8
– Gerhard 47198 Schiller- 51
– Ursula 47198 Arndt- 8
Wiszkowski Hannelore
47226 Richard-Wagner- 5
– Leon 47226 Richard-Wagner- 5
– Ute 47226 Leipziger- 49
Wisznewski Josefa 47166 Loh- 59
Wiszniecki Marlies
47138 Hüttekamp 1
– Werner 47138 Hüttekamp 1
Wiszniewski Günter
47051 Stresemann- 10
– Hildegard 47169 Oder- 8
Wiszynski August
47228 Ginsterweg 10
– Dirk 47198 Duisburger- 481
– Heike 47239 Im Niederfeld 14
– Helmut 47198 Duisburger- 481
– Ingo 47226 Ursula- 14
– Inge 47228 Ginsterweg 10
– Karl 47239 Im Niederfeld 14
– Marie-Luise 47239 Im
Niederfeld 14
– Werner 47239 Im Niederfeld 14
Wit Johann de 47198 Kronen- 23
– Margot de 47198 Kronen- 23
Witala Gerhard 47179 Hafen- 57
Witala Andreas 47137 Von-der-
Mark- 62
– Maria 47137 Von-der-Mark- 62
Witalinski Gisela 47226 Paul- 6
– Ingrid 47239 Kronprinzen- 31
– Oskar 47239 Beethoven- 7
– Maria 47139 Beethoven- 7
Witalla Andreas 47228 Güter- 25
– Frank 47198 Husemann- 85
– Helene 47198 Husemann- 85
– Josef 47228 Güter- 25
– Maria 47198 Husemann- 85
– Werner 47198 Husemann- 85
Witaszak Günter 47198 Post- 19
– Ruth 47198 Post- 19
Gewerbebetriebe/Dienstleister nach Namen – siehe gelber Teil
A-Di
